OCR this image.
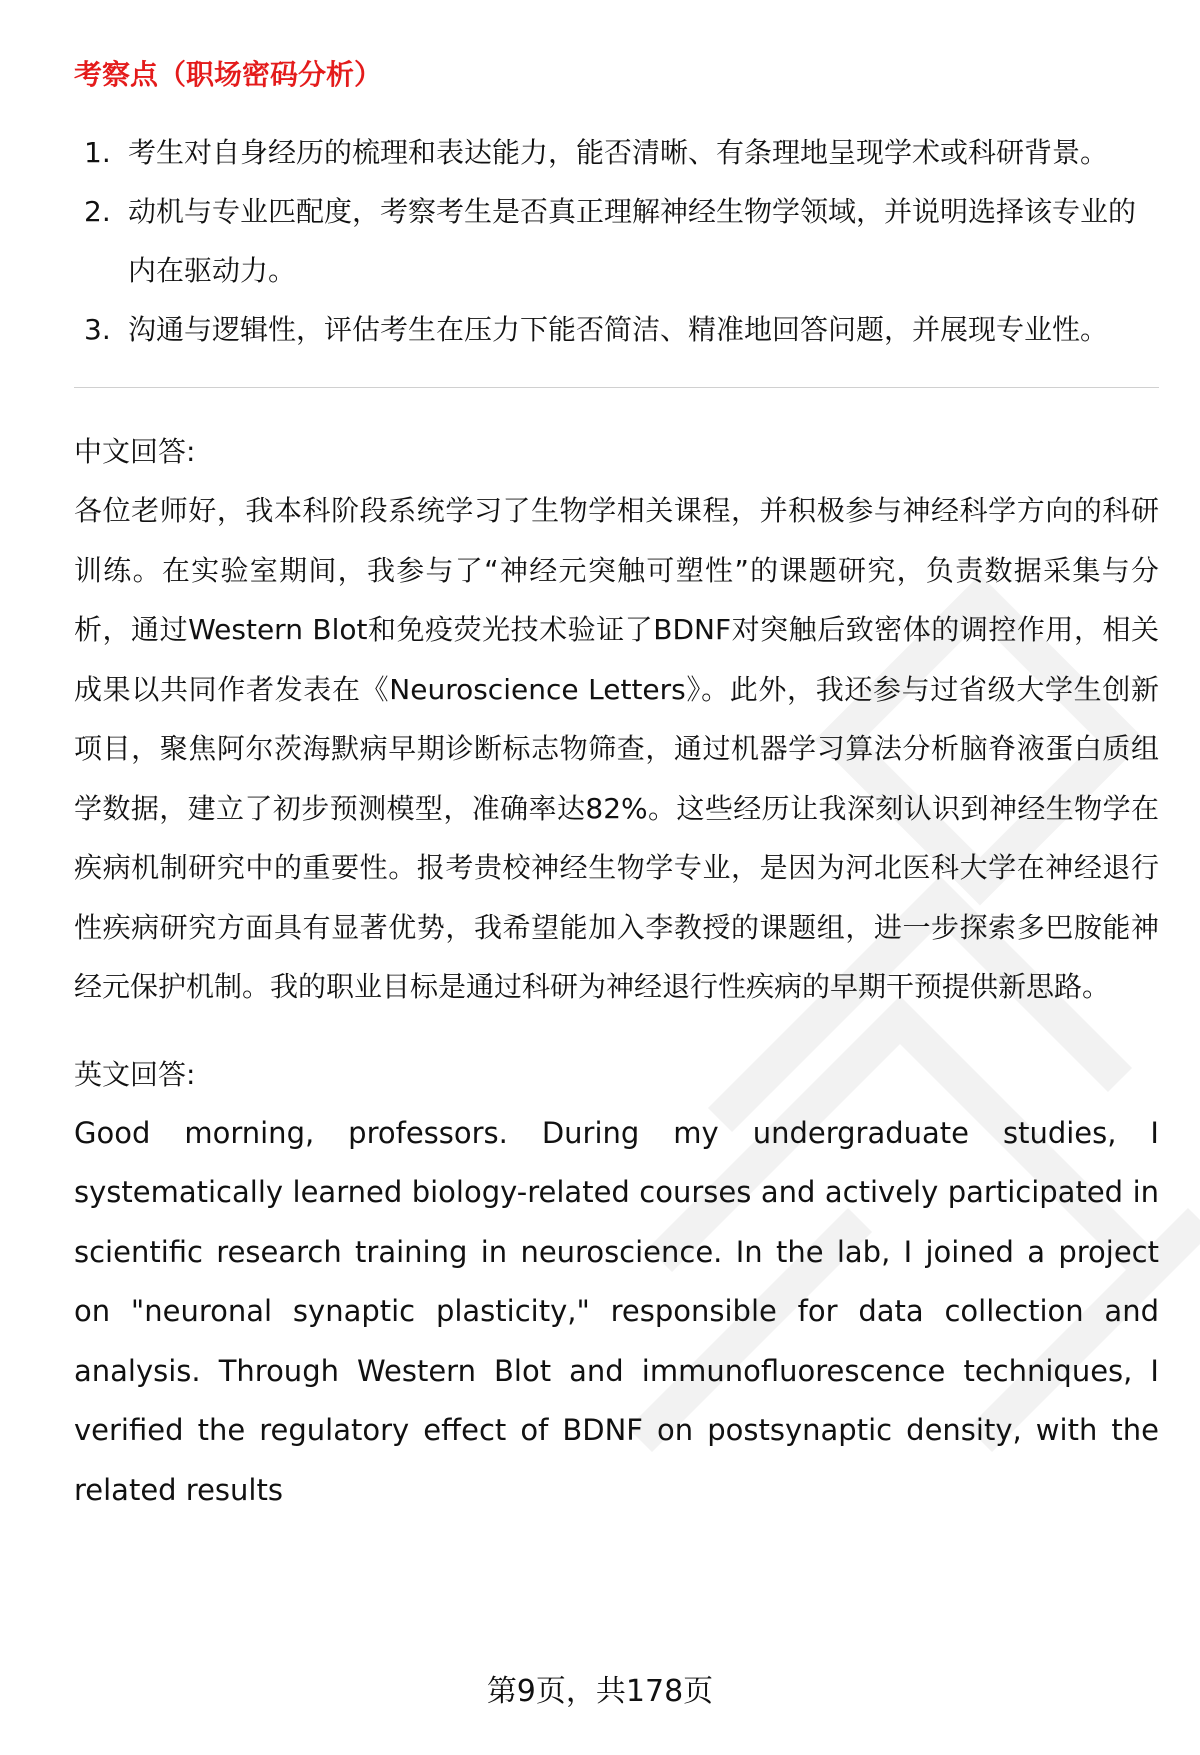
考察点（职场密码分析）
1. 考生对自身经历的梳理和表达能力，能否清晰、有条理地呈现学术或科研背景。
2. 动机与专业匹配度，考察考生是否真正理解神经生物学领域，并说明选择该专业的内在驱动力。
3. 沟通与逻辑性，评估考生在压力下能否简洁、精准地回答问题，并展现专业性。
中文回答:
各位老师好，我本科阶段系统学习了生物学相关课程，并积极参与神经科学方向的科研训练。在实验室期间，我参与了“神经元突触可塑性”的课题研究，负责数据采集与分析，通过Western Blot和免疫荧光技术验证了BDNF对突触后致密体的调控作用，相关成果以共同作者发表在《Neuroscience Letters》。此外，我还参与过省级大学生创新项目，聚焦阿尔茨海默病早期诊断标志物筛查，通过机器学习算法分析脑脊液蛋白质组学数据，建立了初步预测模型，准确率达82%。这些经历让我深刻认识到神经生物学在疾病机制研究中的重要性。报考贵校神经生物学专业，是因为河北医科大学在神经退行性疾病研究方面具有显著优势，我希望能加入李教授的课题组，进一步探索多巴胺能神经元保护机制。我的职业目标是通过科研为神经退行性疾病的早期干预提供新思路。
英文回答:
Good morning, professors. During my undergraduate studies, I systematically learned biology-related courses and actively participated in scientific research training in neuroscience. In the lab, I joined a project on "neuronal synaptic plasticity," responsible for data collection and analysis. Through Western Blot and immunofluorescence techniques, I verified the regulatory effect of BDNF on postsynaptic density, with the related results
第9页，共178页
